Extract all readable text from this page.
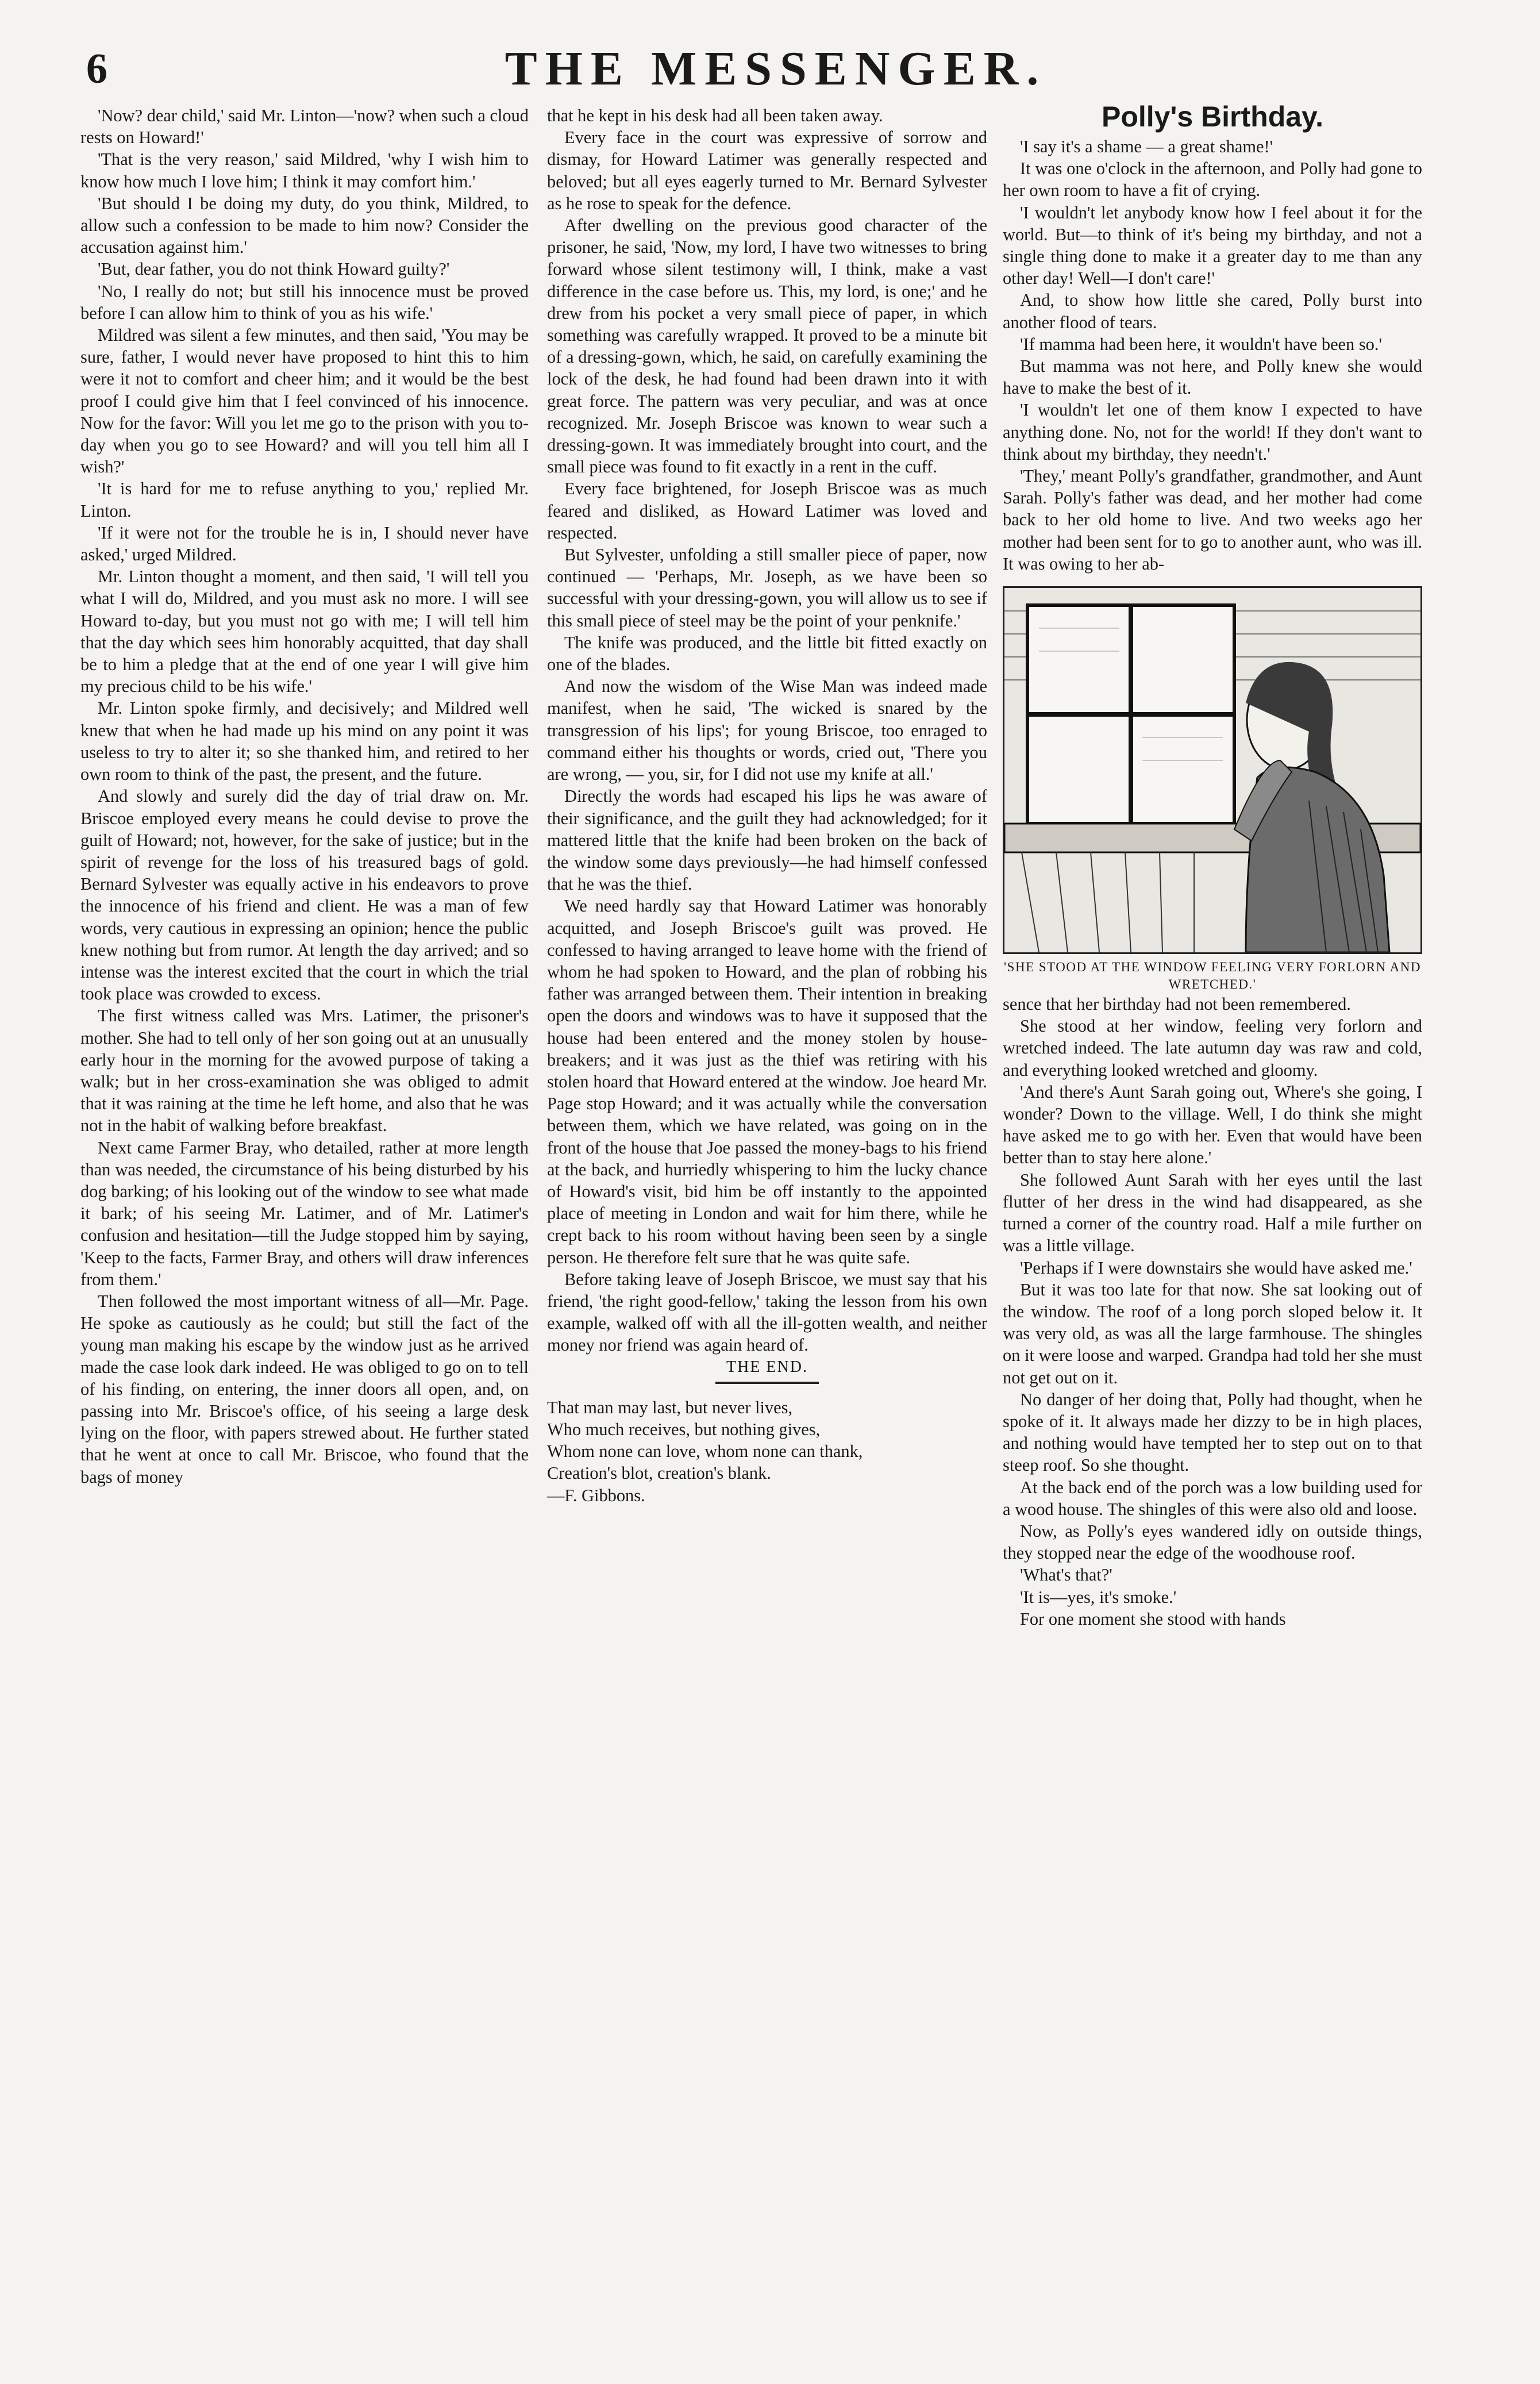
6	THE MESSENGER.

'Now? dear child,' said Mr. Linton—'now? when such a cloud rests on Howard!'

'That is the very reason,' said Mildred, 'why I wish him to know how much I love him; I think it may comfort him.'

'But should I be doing my duty, do you think, Mildred, to allow such a confession to be made to him now? Consider the accusation against him.'

'But, dear father, you do not think Howard guilty?'

'No, I really do not; but still his innocence must be proved before I can allow him to think of you as his wife.'

Mildred was silent a few minutes, and then said, 'You may be sure, father, I would never have proposed to hint this to him were it not to comfort and cheer him; and it would be the best proof I could give him that I feel convinced of his innocence. Now for the favor: Will you let me go to the prison with you to-day when you go to see Howard? and will you tell him all I wish?'

'It is hard for me to refuse anything to you,' replied Mr. Linton.

'If it were not for the trouble he is in, I should never have asked,' urged Mildred.

Mr. Linton thought a moment, and then said, 'I will tell you what I will do, Mildred, and you must ask no more. I will see Howard to-day, but you must not go with me; I will tell him that the day which sees him honorably acquitted, that day shall be to him a pledge that at the end of one year I will give him my precious child to be his wife.'

Mr. Linton spoke firmly, and decisively; and Mildred well knew that when he had made up his mind on any point it was useless to try to alter it; so she thanked him, and retired to her own room to think of the past, the present, and the future.

And slowly and surely did the day of trial draw on. Mr. Briscoe employed every means he could devise to prove the guilt of Howard; not, however, for the sake of justice; but in the spirit of revenge for the loss of his treasured bags of gold. Bernard Sylvester was equally active in his endeavors to prove the innocence of his friend and client. He was a man of few words, very cautious in expressing an opinion; hence the public knew nothing but from rumor. At length the day arrived; and so intense was the interest excited that the court in which the trial took place was crowded to excess.

The first witness called was Mrs. Latimer, the prisoner's mother. She had to tell only of her son going out at an unusually early hour in the morning for the avowed purpose of taking a walk; but in her cross-examination she was obliged to admit that it was raining at the time he left home, and also that he was not in the habit of walking before breakfast.

Next came Farmer Bray, who detailed, rather at more length than was needed, the circumstance of his being disturbed by his dog barking; of his looking out of the window to see what made it bark; of his seeing Mr. Latimer, and of Mr. Latimer's confusion and hesitation—till the Judge stopped him by saying, 'Keep to the facts, Farmer Bray, and others will draw inferences from them.'

Then followed the most important witness of all—Mr. Page. He spoke as cautiously as he could; but still the fact of the young man making his escape by the window just as he arrived made the case look dark indeed. He was obliged to go on to tell of his finding, on entering, the inner doors all open, and, on passing into Mr. Briscoe's office, of his seeing a large desk lying on the floor, with papers strewed about. He further stated that he went at once to call Mr. Briscoe, who found that the bags of money

that he kept in his desk had all been taken away.

Every face in the court was expressive of sorrow and dismay, for Howard Latimer was generally respected and beloved; but all eyes eagerly turned to Mr. Bernard Sylvester as he rose to speak for the defence.

After dwelling on the previous good character of the prisoner, he said, 'Now, my lord, I have two witnesses to bring forward whose silent testimony will, I think, make a vast difference in the case before us. This, my lord, is one;' and he drew from his pocket a very small piece of paper, in which something was carefully wrapped. It proved to be a minute bit of a dressing-gown, which, he said, on carefully examining the lock of the desk, he had found had been drawn into it with great force. The pattern was very peculiar, and was at once recognized. Mr. Joseph Briscoe was known to wear such a dressing-gown. It was immediately brought into court, and the small piece was found to fit exactly in a rent in the cuff.

Every face brightened, for Joseph Briscoe was as much feared and disliked, as Howard Latimer was loved and respected.

But Sylvester, unfolding a still smaller piece of paper, now continued — 'Perhaps, Mr. Joseph, as we have been so successful with your dressing-gown, you will allow us to see if this small piece of steel may be the point of your penknife.'

The knife was produced, and the little bit fitted exactly on one of the blades.

And now the wisdom of the Wise Man was indeed made manifest, when he said, 'The wicked is snared by the transgression of his lips'; for young Briscoe, too enraged to command either his thoughts or words, cried out, 'There you are wrong, — you, sir, for I did not use my knife at all.'

Directly the words had escaped his lips he was aware of their significance, and the guilt they had acknowledged; for it mattered little that the knife had been broken on the back of the window some days previously—he had himself confessed that he was the thief.

We need hardly say that Howard Latimer was honorably acquitted, and Joseph Briscoe's guilt was proved. He confessed to having arranged to leave home with the friend of whom he had spoken to Howard, and the plan of robbing his father was arranged between them. Their intention in breaking open the doors and windows was to have it supposed that the house had been entered and the money stolen by house-breakers; and it was just as the thief was retiring with his stolen hoard that Howard entered at the window. Joe heard Mr. Page stop Howard; and it was actually while the conversation between them, which we have related, was going on in the front of the house that Joe passed the money-bags to his friend at the back, and hurriedly whispering to him the lucky chance of Howard's visit, bid him be off instantly to the appointed place of meeting in London and wait for him there, while he crept back to his room without having been seen by a single person. He therefore felt sure that he was quite safe.

Before taking leave of Joseph Briscoe, we must say that his friend, 'the right good-fellow,' taking the lesson from his own example, walked off with all the ill-gotten wealth, and neither money nor friend was again heard of.

THE END.

That man may last, but never lives,

Who much receives, but nothing gives,

Whom none can love, whom none can thank,

Creation's blot, creation's blank.

—F. Gibbons.

Polly's Birthday.

'I say it's a shame — a great shame!'

It was one o'clock in the afternoon, and Polly had gone to her own room to have a fit of crying.

'I wouldn't let anybody know how I feel about it for the world. But—to think of it's being my birthday, and not a single thing done to make it a greater day to me than any other day! Well—I don't care!'

And, to show how little she cared, Polly burst into another flood of tears.

'If mamma had been here, it wouldn't have been so.'

But mamma was not here, and Polly knew she would have to make the best of it.

'I wouldn't let one of them know I expected to have anything done. No, not for the world! If they don't want to think about my birthday, they needn't.'

'They,' meant Polly's grandfather, grandmother, and Aunt Sarah. Polly's father was dead, and her mother had come back to her old home to live. And two weeks ago her mother had been sent for to go to another aunt, who was ill. It was owing to her ab-

'SHE STOOD AT THE WINDOW FEELING VERY FORLORN AND WRETCHED.'

sence that her birthday had not been remembered.

She stood at her window, feeling very forlorn and wretched indeed. The late autumn day was raw and cold, and everything looked wretched and gloomy.

'And there's Aunt Sarah going out, Where's she going, I wonder? Down to the village. Well, I do think she might have asked me to go with her. Even that would have been better than to stay here alone.'

She followed Aunt Sarah with her eyes until the last flutter of her dress in the wind had disappeared, as she turned a corner of the country road. Half a mile further on was a little village.

'Perhaps if I were downstairs she would have asked me.'

But it was too late for that now. She sat looking out of the window. The roof of a long porch sloped below it. It was very old, as was all the large farmhouse. The shingles on it were loose and warped. Grandpa had told her she must not get out on it.

No danger of her doing that, Polly had thought, when he spoke of it. It always made her dizzy to be in high places, and nothing would have tempted her to step out on to that steep roof. So she thought.

At the back end of the porch was a low building used for a wood house. The shingles of this were also old and loose.

Now, as Polly's eyes wandered idly on outside things, they stopped near the edge of the woodhouse roof.

'What's that?'

'It is—yes, it's smoke.'

For one moment she stood with hands
